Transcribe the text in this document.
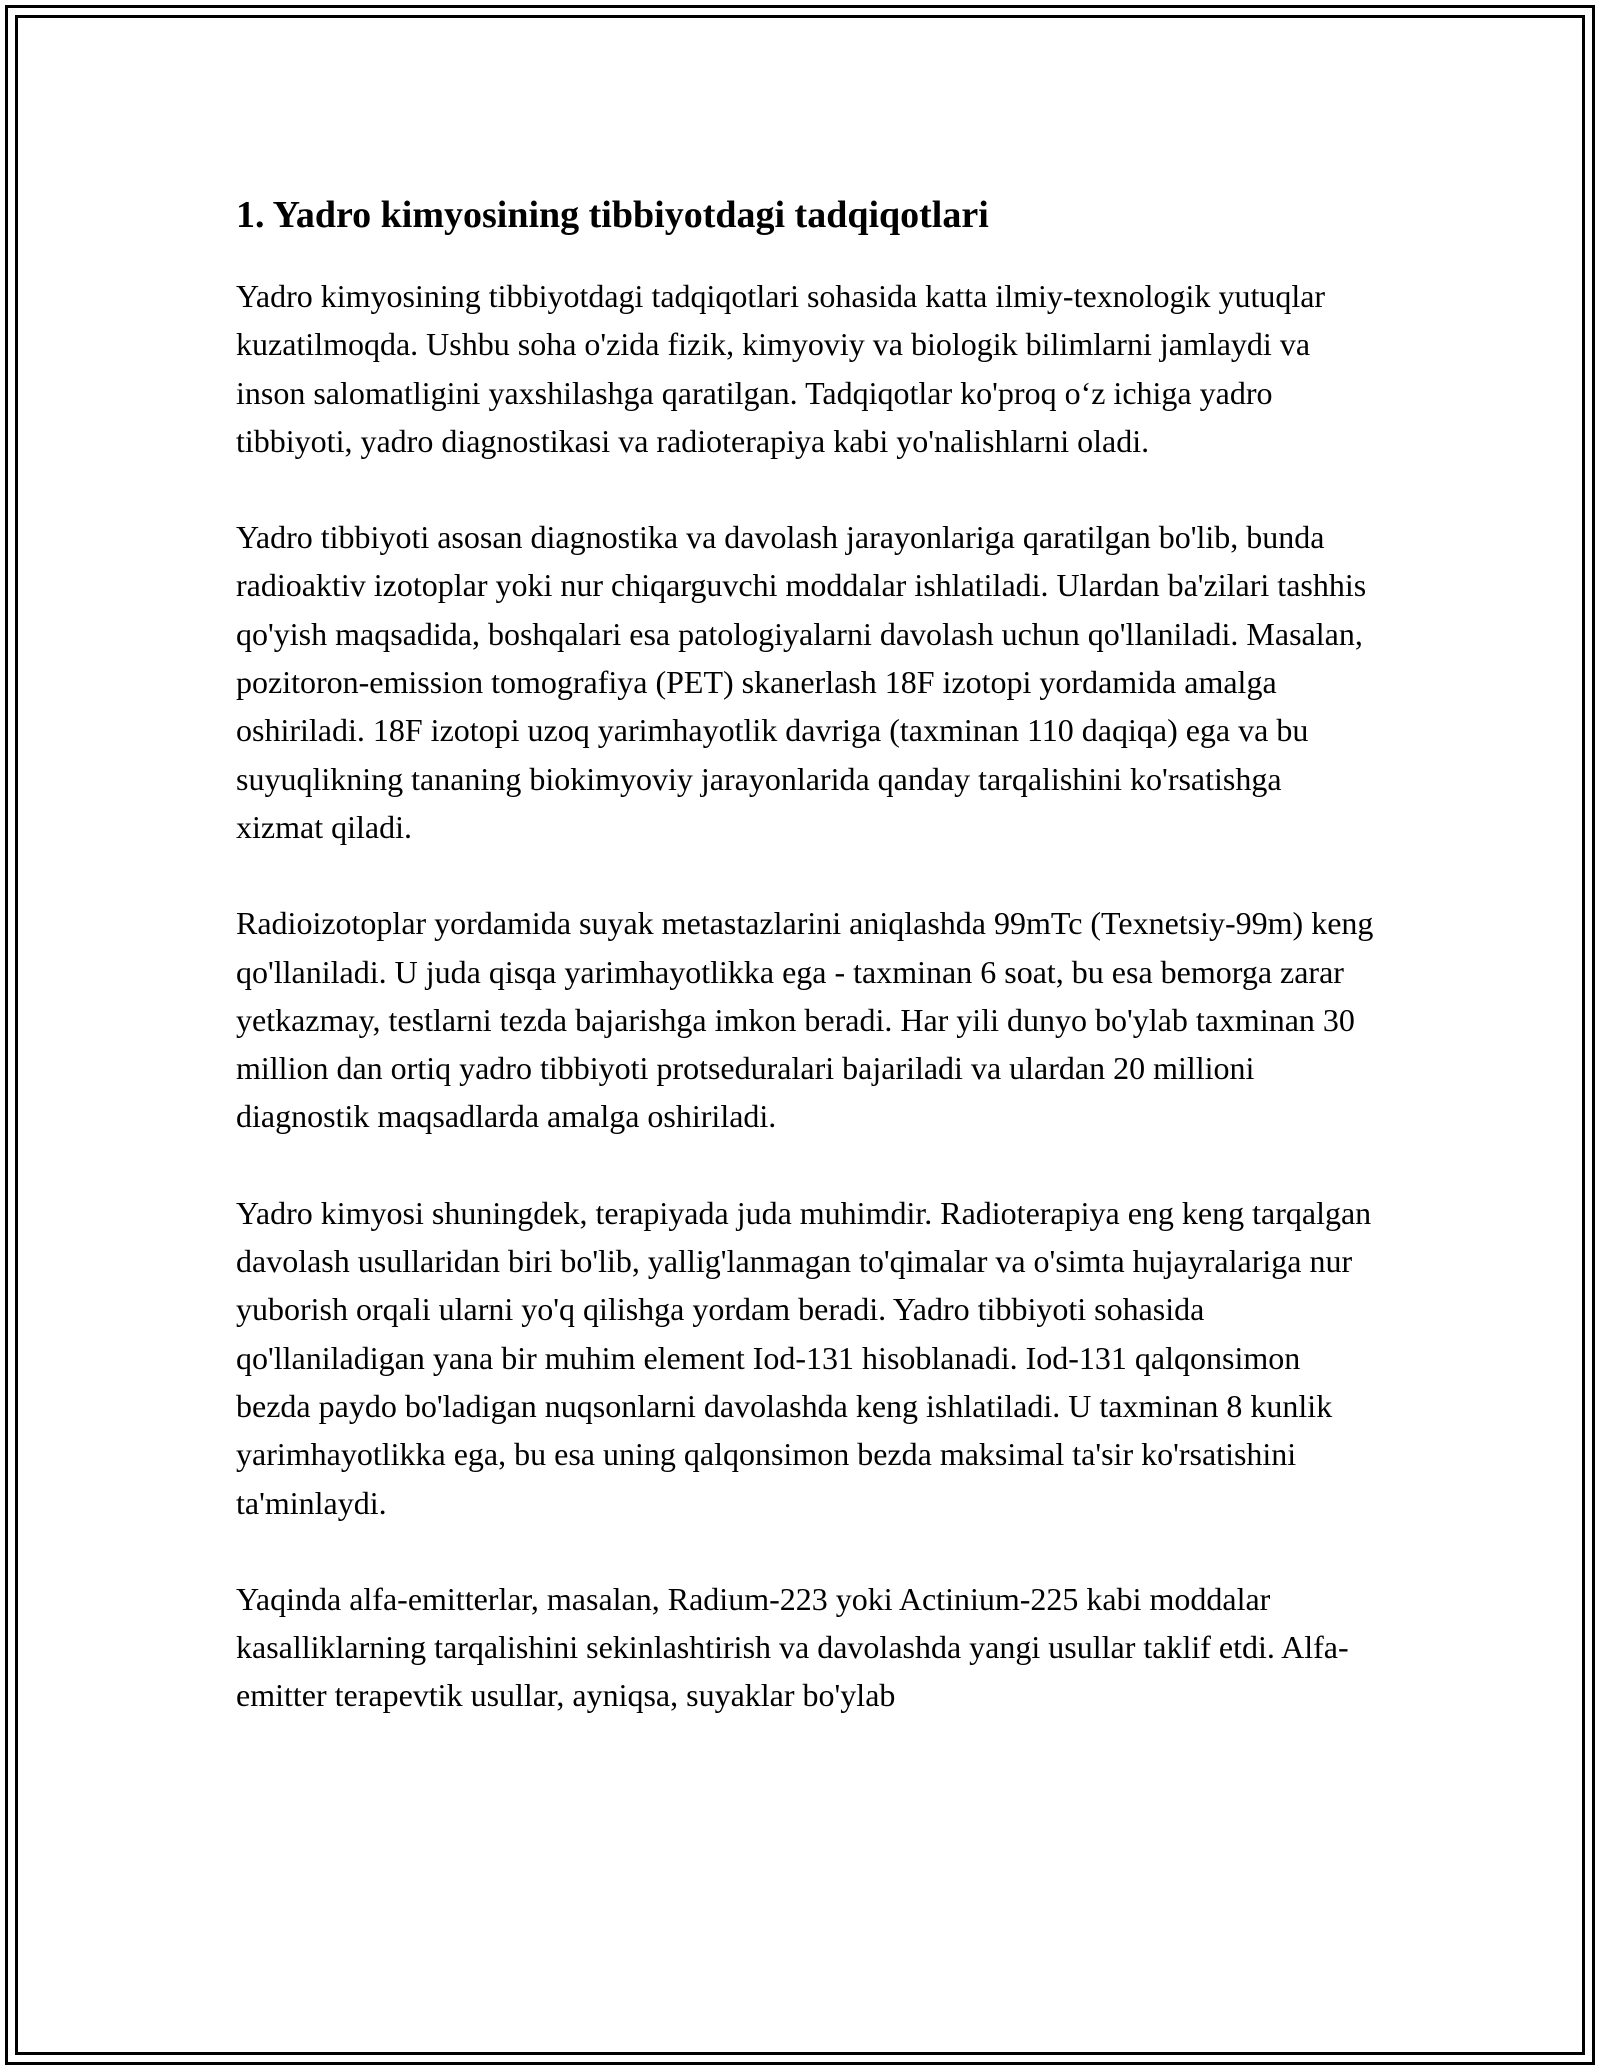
1. Yadro kimyosining tibbiyotdagi tadqiqotlari

Yadro kimyosining tibbiyotdagi tadqiqotlari sohasida katta ilmiy-texnologik yutuqlar kuzatilmoqda. Ushbu soha o'zida fizik, kimyoviy va biologik bilimlarni jamlaydi va inson salomatligini yaxshilashga qaratilgan. Tadqiqotlar ko'proq o‘z ichiga yadro tibbiyoti, yadro diagnostikasi va radioterapiya kabi yo'nalishlarni oladi.

Yadro tibbiyoti asosan diagnostika va davolash jarayonlariga qaratilgan bo'lib, bunda radioaktiv izotoplar yoki nur chiqarguvchi moddalar ishlatiladi. Ulardan ba'zilari tashhis qo'yish maqsadida, boshqalari esa patologiyalarni davolash uchun qo'llaniladi. Masalan, pozitoron-emission tomografiya (PET) skanerlash 18F izotopi yordamida amalga oshiriladi. 18F izotopi uzoq yarimhayotlik davriga (taxminan 110 daqiqa) ega va bu suyuqlikning tananing biokimyoviy jarayonlarida qanday tarqalishini ko'rsatishga xizmat qiladi.

Radioizotoplar yordamida suyak metastazlarini aniqlashda 99mTc (Texnetsiy-99m) keng qo'llaniladi. U juda qisqa yarimhayotlikka ega - taxminan 6 soat, bu esa bemorga zarar yetkazmay, testlarni tezda bajarishga imkon beradi. Har yili dunyo bo'ylab taxminan 30 million dan ortiq yadro tibbiyoti protseduralari bajariladi va ulardan 20 millioni diagnostik maqsadlarda amalga oshiriladi.

Yadro kimyosi shuningdek, terapiyada juda muhimdir. Radioterapiya eng keng tarqalgan davolash usullaridan biri bo'lib, yallig'lanmagan to'qimalar va o'simta hujayralariga nur yuborish orqali ularni yo'q qilishga yordam beradi. Yadro tibbiyoti sohasida qo'llaniladigan yana bir muhim element Iod-131 hisoblanadi. Iod-131 qalqonsimon bezda paydo bo'ladigan nuqsonlarni davolashda keng ishlatiladi. U taxminan 8 kunlik yarimhayotlikka ega, bu esa uning qalqonsimon bezda maksimal ta'sir ko'rsatishini ta'minlaydi.

Yaqinda alfa-emitterlar, masalan, Radium-223 yoki Actinium-225 kabi moddalar kasalliklarning tarqalishini sekinlashtirish va davolashda yangi usullar taklif etdi. Alfa-emitter terapevtik usullar, ayniqsa, suyaklar bo'ylab
